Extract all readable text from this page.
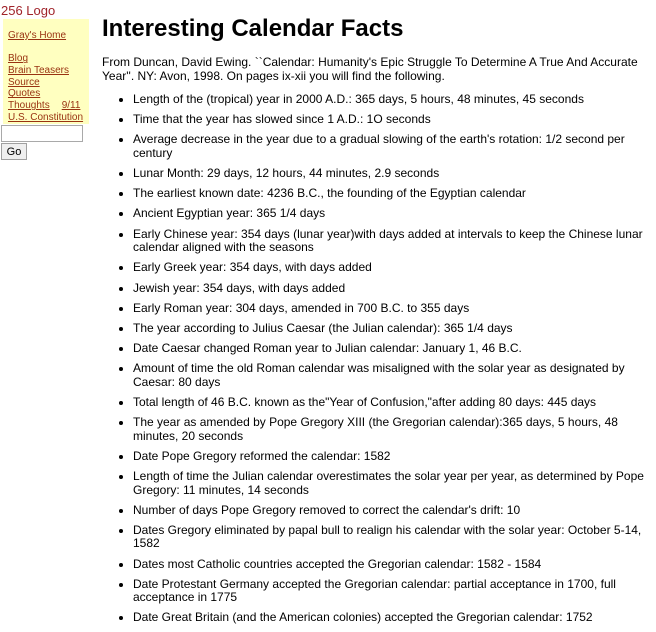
256 Logo
Gray's Home
Blog
Brain Teasers
Source
Quotes
Thoughts 9/11
U.S. Constitution
Go
Interesting Calendar Facts

From Duncan, David Ewing. ``Calendar: Humanity's Epic Struggle To Determine A True And Accurate Year''. NY: Avon, 1998. On pages ix-xii you will find the following.

• Length of the (tropical) year in 2000 A.D.: 365 days, 5 hours, 48 minutes, 45 seconds
• Time that the year has slowed since 1 A.D.: 1O seconds
• Average decrease in the year due to a gradual slowing of the earth's rotation: 1/2 second per century
• Lunar Month: 29 days, 12 hours, 44 minutes, 2.9 seconds
• The earliest known date: 4236 B.C., the founding of the Egyptian calendar
• Ancient Egyptian year: 365 1/4 days
• Early Chinese year: 354 days (lunar year)with days added at intervals to keep the Chinese lunar calendar aligned with the seasons
• Early Greek year: 354 days, with days added
• Jewish year: 354 days, with days added
• Early Roman year: 304 days, amended in 700 B.C. to 355 days
• The year according to Julius Caesar (the Julian calendar): 365 1/4 days
• Date Caesar changed Roman year to Julian calendar: January 1, 46 B.C.
• Amount of time the old Roman calendar was misaligned with the solar year as designated by Caesar: 80 days
• Total length of 46 B.C. known as the"Year of Confusion,"after adding 80 days: 445 days
• The year as amended by Pope Gregory XIII (the Gregorian calendar):365 days, 5 hours, 48 minutes, 20 seconds
• Date Pope Gregory reformed the calendar: 1582
• Length of time the Julian calendar overestimates the solar year per year, as determined by Pope Gregory: 11 minutes, 14 seconds
• Number of days Pope Gregory removed to correct the calendar's drift: 10
• Dates Gregory eliminated by papal bull to realign his calendar with the solar year: October 5-14, 1582
• Dates most Catholic countries accepted the Gregorian calendar: 1582 - 1584
• Date Protestant Germany accepted the Gregorian calendar: partial acceptance in 1700, full acceptance in 1775
• Date Great Britain (and the American colonies) accepted the Gregorian calendar: 1752
